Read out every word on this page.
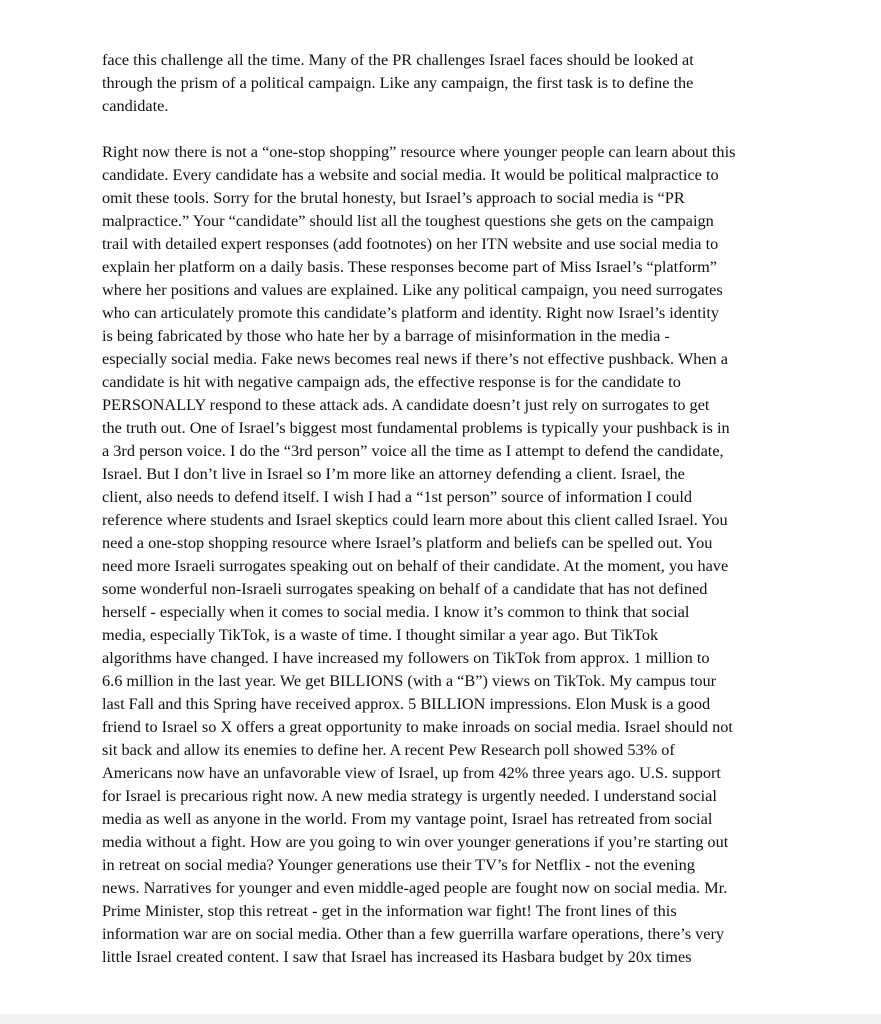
face this challenge all the time. Many of the PR challenges Israel faces should be looked at
through the prism of a political campaign. Like any campaign, the first task is to define the
candidate.
Right now there is not a “one-stop shopping” resource where younger people can learn about this
candidate. Every candidate has a website and social media. It would be political malpractice to
omit these tools. Sorry for the brutal honesty, but Israel’s approach to social media is “PR
malpractice.” Your “candidate” should list all the toughest questions she gets on the campaign
trail with detailed expert responses (add footnotes) on her ITN website and use social media to
explain her platform on a daily basis. These responses become part of Miss Israel’s “platform”
where her positions and values are explained. Like any political campaign, you need surrogates
who can articulately promote this candidate’s platform and identity. Right now Israel’s identity
is being fabricated by those who hate her by a barrage of misinformation in the media -
especially social media. Fake news becomes real news if there’s not effective pushback. When a
candidate is hit with negative campaign ads, the effective response is for the candidate to
PERSONALLY respond to these attack ads. A candidate doesn’t just rely on surrogates to get
the truth out. One of Israel’s biggest most fundamental problems is typically your pushback is in
a 3rd person voice. I do the “3rd person” voice all the time as I attempt to defend the candidate,
Israel. But I don’t live in Israel so I’m more like an attorney defending a client. Israel, the
client, also needs to defend itself. I wish I had a “1st person” source of information I could
reference where students and Israel skeptics could learn more about this client called Israel. You
need a one-stop shopping resource where Israel’s platform and beliefs can be spelled out. You
need more Israeli surrogates speaking out on behalf of their candidate. At the moment, you have
some wonderful non-Israeli surrogates speaking on behalf of a candidate that has not defined
herself - especially when it comes to social media. I know it’s common to think that social
media, especially TikTok, is a waste of time. I thought similar a year ago. But TikTok
algorithms have changed. I have increased my followers on TikTok from approx. 1 million to
6.6 million in the last year. We get BILLIONS (with a “B”) views on TikTok. My campus tour
last Fall and this Spring have received approx. 5 BILLION impressions. Elon Musk is a good
friend to Israel so X offers a great opportunity to make inroads on social media. Israel should not
sit back and allow its enemies to define her. A recent Pew Research poll showed 53% of
Americans now have an unfavorable view of Israel, up from 42% three years ago. U.S. support
for Israel is precarious right now. A new media strategy is urgently needed. I understand social
media as well as anyone in the world. From my vantage point, Israel has retreated from social
media without a fight. How are you going to win over younger generations if you’re starting out
in retreat on social media? Younger generations use their TV’s for Netflix - not the evening
news. Narratives for younger and even middle-aged people are fought now on social media. Mr.
Prime Minister, stop this retreat - get in the information war fight! The front lines of this
information war are on social media. Other than a few guerrilla warfare operations, there’s very
little Israel created content. I saw that Israel has increased its Hasbara budget by 20x times
